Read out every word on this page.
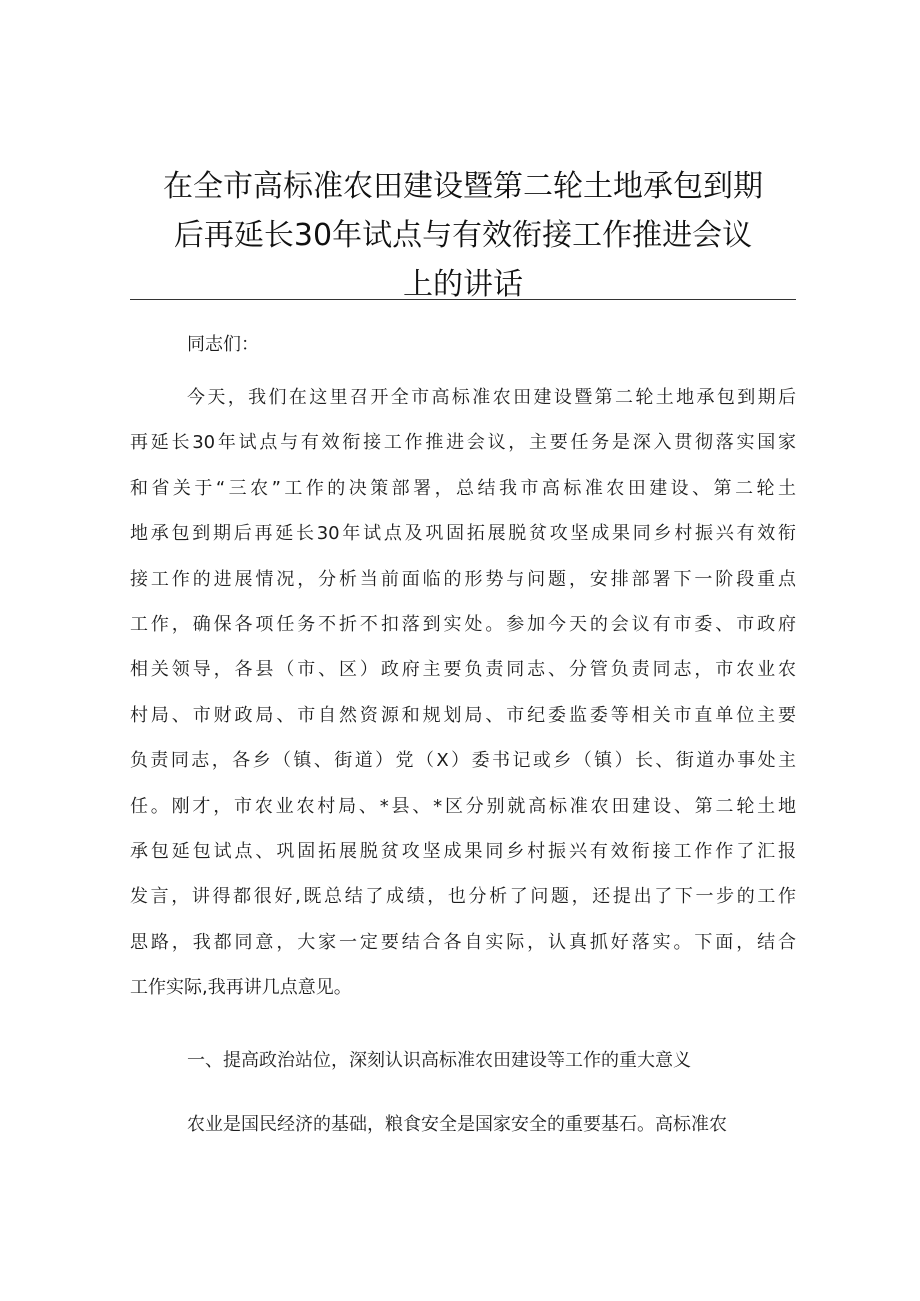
在全市高标准农田建设暨第二轮土地承包到期
后再延长30年试点与有效衔接工作推进会议
上的讲话

同志们：

今天，我们在这里召开全市高标准农田建设暨第二轮土地承包到期后
再延长30年试点与有效衔接工作推进会议，主要任务是深入贯彻落实国家
和省关于“三农”工作的决策部署，总结我市高标准农田建设、第二轮土
地承包到期后再延长30年试点及巩固拓展脱贫攻坚成果同乡村振兴有效衔
接工作的进展情况，分析当前面临的形势与问题，安排部署下一阶段重点
工作，确保各项任务不折不扣落到实处。参加今天的会议有市委、市政府
相关领导，各县（市、区）政府主要负责同志、分管负责同志，市农业农
村局、市财政局、市自然资源和规划局、市纪委监委等相关市直单位主要
负责同志，各乡（镇、街道）党（X）委书记或乡（镇）长、街道办事处主
任。刚才，市农业农村局、*县、*区分别就高标准农田建设、第二轮土地
承包延包试点、巩固拓展脱贫攻坚成果同乡村振兴有效衔接工作作了汇报
发言，讲得都很好,既总结了成绩，也分析了问题，还提出了下一步的工作
思路，我都同意，大家一定要结合各自实际，认真抓好落实。下面，结合
工作实际,我再讲几点意见。

一、提高政治站位，深刻认识高标准农田建设等工作的重大意义

农业是国民经济的基础，粮食安全是国家安全的重要基石。高标准农
